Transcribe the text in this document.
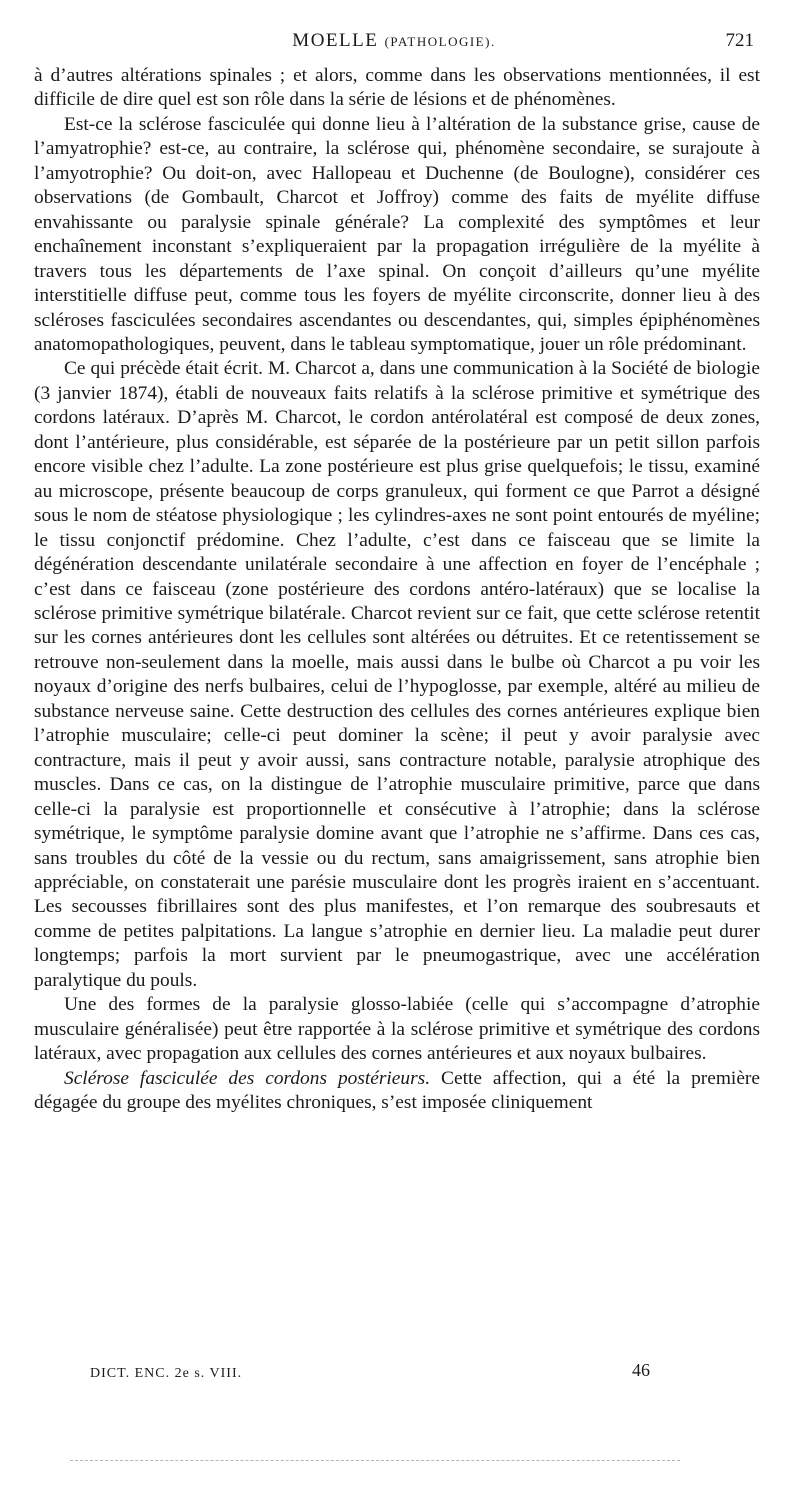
MOELLE (PATHOLOGIE).	721

à d’autres altérations spinales ; et alors, comme dans les observations mentionnées, il est difficile de dire quel est son rôle dans la série de lésions et de phénomènes.

Est-ce la sclérose fasciculée qui donne lieu à l’altération de la substance grise, cause de l’amyatrophie? est-ce, au contraire, la sclérose qui, phénomène secondaire, se surajoute à l’amyotrophie? Ou doit-on, avec Hallopeau et Duchenne (de Boulogne), considérer ces observations (de Gombault, Charcot et Joffroy) comme des faits de myélite diffuse envahissante ou paralysie spinale générale? La complexité des symptômes et leur enchaînement inconstant s’expliqueraient par la propagation irrégulière de la myélite à travers tous les départements de l’axe spinal. On conçoit d’ailleurs qu’une myélite interstitielle diffuse peut, comme tous les foyers de myélite circonscrite, donner lieu à des scléroses fasciculées secondaires ascendantes ou descendantes, qui, simples épiphénomènes anatomopathologiques, peuvent, dans le tableau symptomatique, jouer un rôle prédominant.

Ce qui précède était écrit. M. Charcot a, dans une communication à la Société de biologie (3 janvier 1874), établi de nouveaux faits relatifs à la sclérose primitive et symétrique des cordons latéraux. D’après M. Charcot, le cordon antérolatéral est composé de deux zones, dont l’antérieure, plus considérable, est séparée de la postérieure par un petit sillon parfois encore visible chez l’adulte. La zone postérieure est plus grise quelquefois; le tissu, examiné au microscope, présente beaucoup de corps granuleux, qui forment ce que Parrot a désigné sous le nom de stéatose physiologique ; les cylindres-axes ne sont point entourés de myéline; le tissu conjonctif prédomine. Chez l’adulte, c’est dans ce faisceau que se limite la dégénération descendante unilatérale secondaire à une affection en foyer de l’encéphale ; c’est dans ce faisceau (zone postérieure des cordons antéro-latéraux) que se localise la sclérose primitive symétrique bilatérale. Charcot revient sur ce fait, que cette sclérose retentit sur les cornes antérieures dont les cellules sont altérées ou détruites. Et ce retentissement se retrouve non-seulement dans la moelle, mais aussi dans le bulbe où Charcot a pu voir les noyaux d’origine des nerfs bulbaires, celui de l’hypoglosse, par exemple, altéré au milieu de substance nerveuse saine. Cette destruction des cellules des cornes antérieures explique bien l’atrophie musculaire; celle-ci peut dominer la scène; il peut y avoir paralysie avec contracture, mais il peut y avoir aussi, sans contracture notable, paralysie atrophique des muscles. Dans ce cas, on la distingue de l’atrophie musculaire primitive, parce que dans celle-ci la paralysie est proportionnelle et consécutive à l’atrophie; dans la sclérose symétrique, le symptôme paralysie domine avant que l’atrophie ne s’affirme. Dans ces cas, sans troubles du côté de la vessie ou du rectum, sans amaigrissement, sans atrophie bien appréciable, on constaterait une parésie musculaire dont les progrès iraient en s’accentuant. Les secousses fibrillaires sont des plus manifestes, et l’on remarque des soubresauts et comme de petites palpitations. La langue s’atrophie en dernier lieu. La maladie peut durer longtemps; parfois la mort survient par le pneumogastrique, avec une accélération paralytique du pouls.

Une des formes de la paralysie glosso-labiée (celle qui s’accompagne d’atrophie musculaire généralisée) peut être rapportée à la sclérose primitive et symétrique des cordons latéraux, avec propagation aux cellules des cornes antérieures et aux noyaux bulbaires.

Sclérose fasciculée des cordons postérieurs. Cette affection, qui a été la première dégagée du groupe des myélites chroniques, s’est imposée cliniquement

DICT. ENC. 2e s. VIII.	46
